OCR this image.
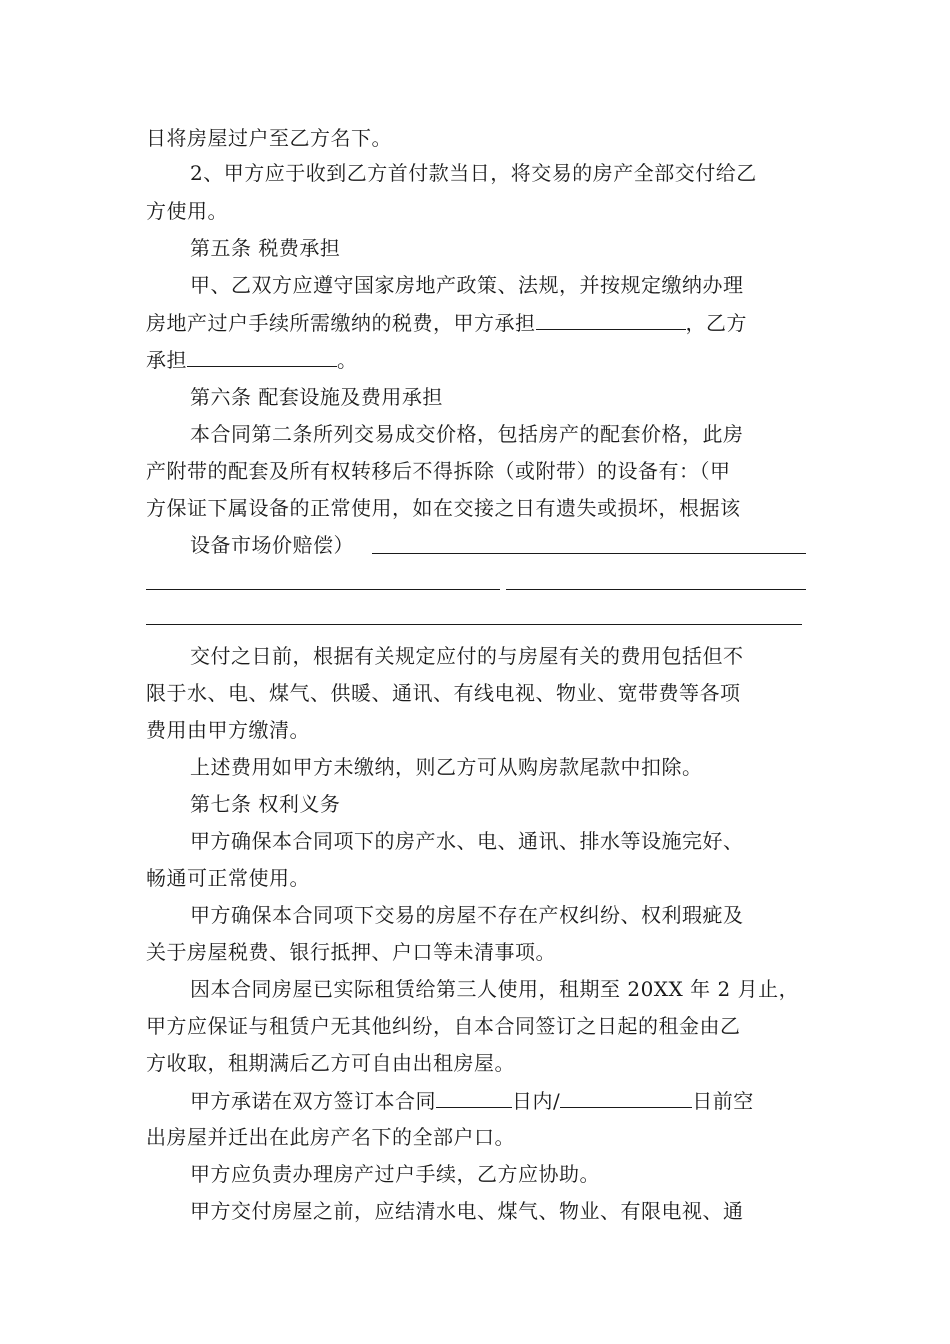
日将房屋过户至乙方名下。
2、甲方应于收到乙方首付款当日，将交易的房产全部交付给乙
方使用。
第五条 税费承担
甲、乙双方应遵守国家房地产政策、法规，并按规定缴纳办理
房地产过户手续所需缴纳的税费，甲方承担	，乙方
承担	。
第六条 配套设施及费用承担
本合同第二条所列交易成交价格，包括房产的配套价格，此房
产附带的配套及所有权转移后不得拆除（或附带）的设备有：（甲
方保证下属设备的正常使用，如在交接之日有遗失或损坏，根据该
设备市场价赔偿）
交付之日前，根据有关规定应付的与房屋有关的费用包括但不
限于水、电、煤气、供暖、通讯、有线电视、物业、宽带费等各项
费用由甲方缴清。
上述费用如甲方未缴纳，则乙方可从购房款尾款中扣除。
第七条 权利义务
甲方确保本合同项下的房产水、电、通讯、排水等设施完好、
畅通可正常使用。
甲方确保本合同项下交易的房屋不存在产权纠纷、权利瑕疵及
关于房屋税费、银行抵押、户口等未清事项。
因本合同房屋已实际租赁给第三人使用，租期至 20XX 年 2 月止，
甲方应保证与租赁户无其他纠纷，自本合同签订之日起的租金由乙
方收取，租期满后乙方可自由出租房屋。
甲方承诺在双方签订本合同	日内/	日前空
出房屋并迁出在此房产名下的全部户口。
甲方应负责办理房产过户手续，乙方应协助。
甲方交付房屋之前，应结清水电、煤气、物业、有限电视、通
